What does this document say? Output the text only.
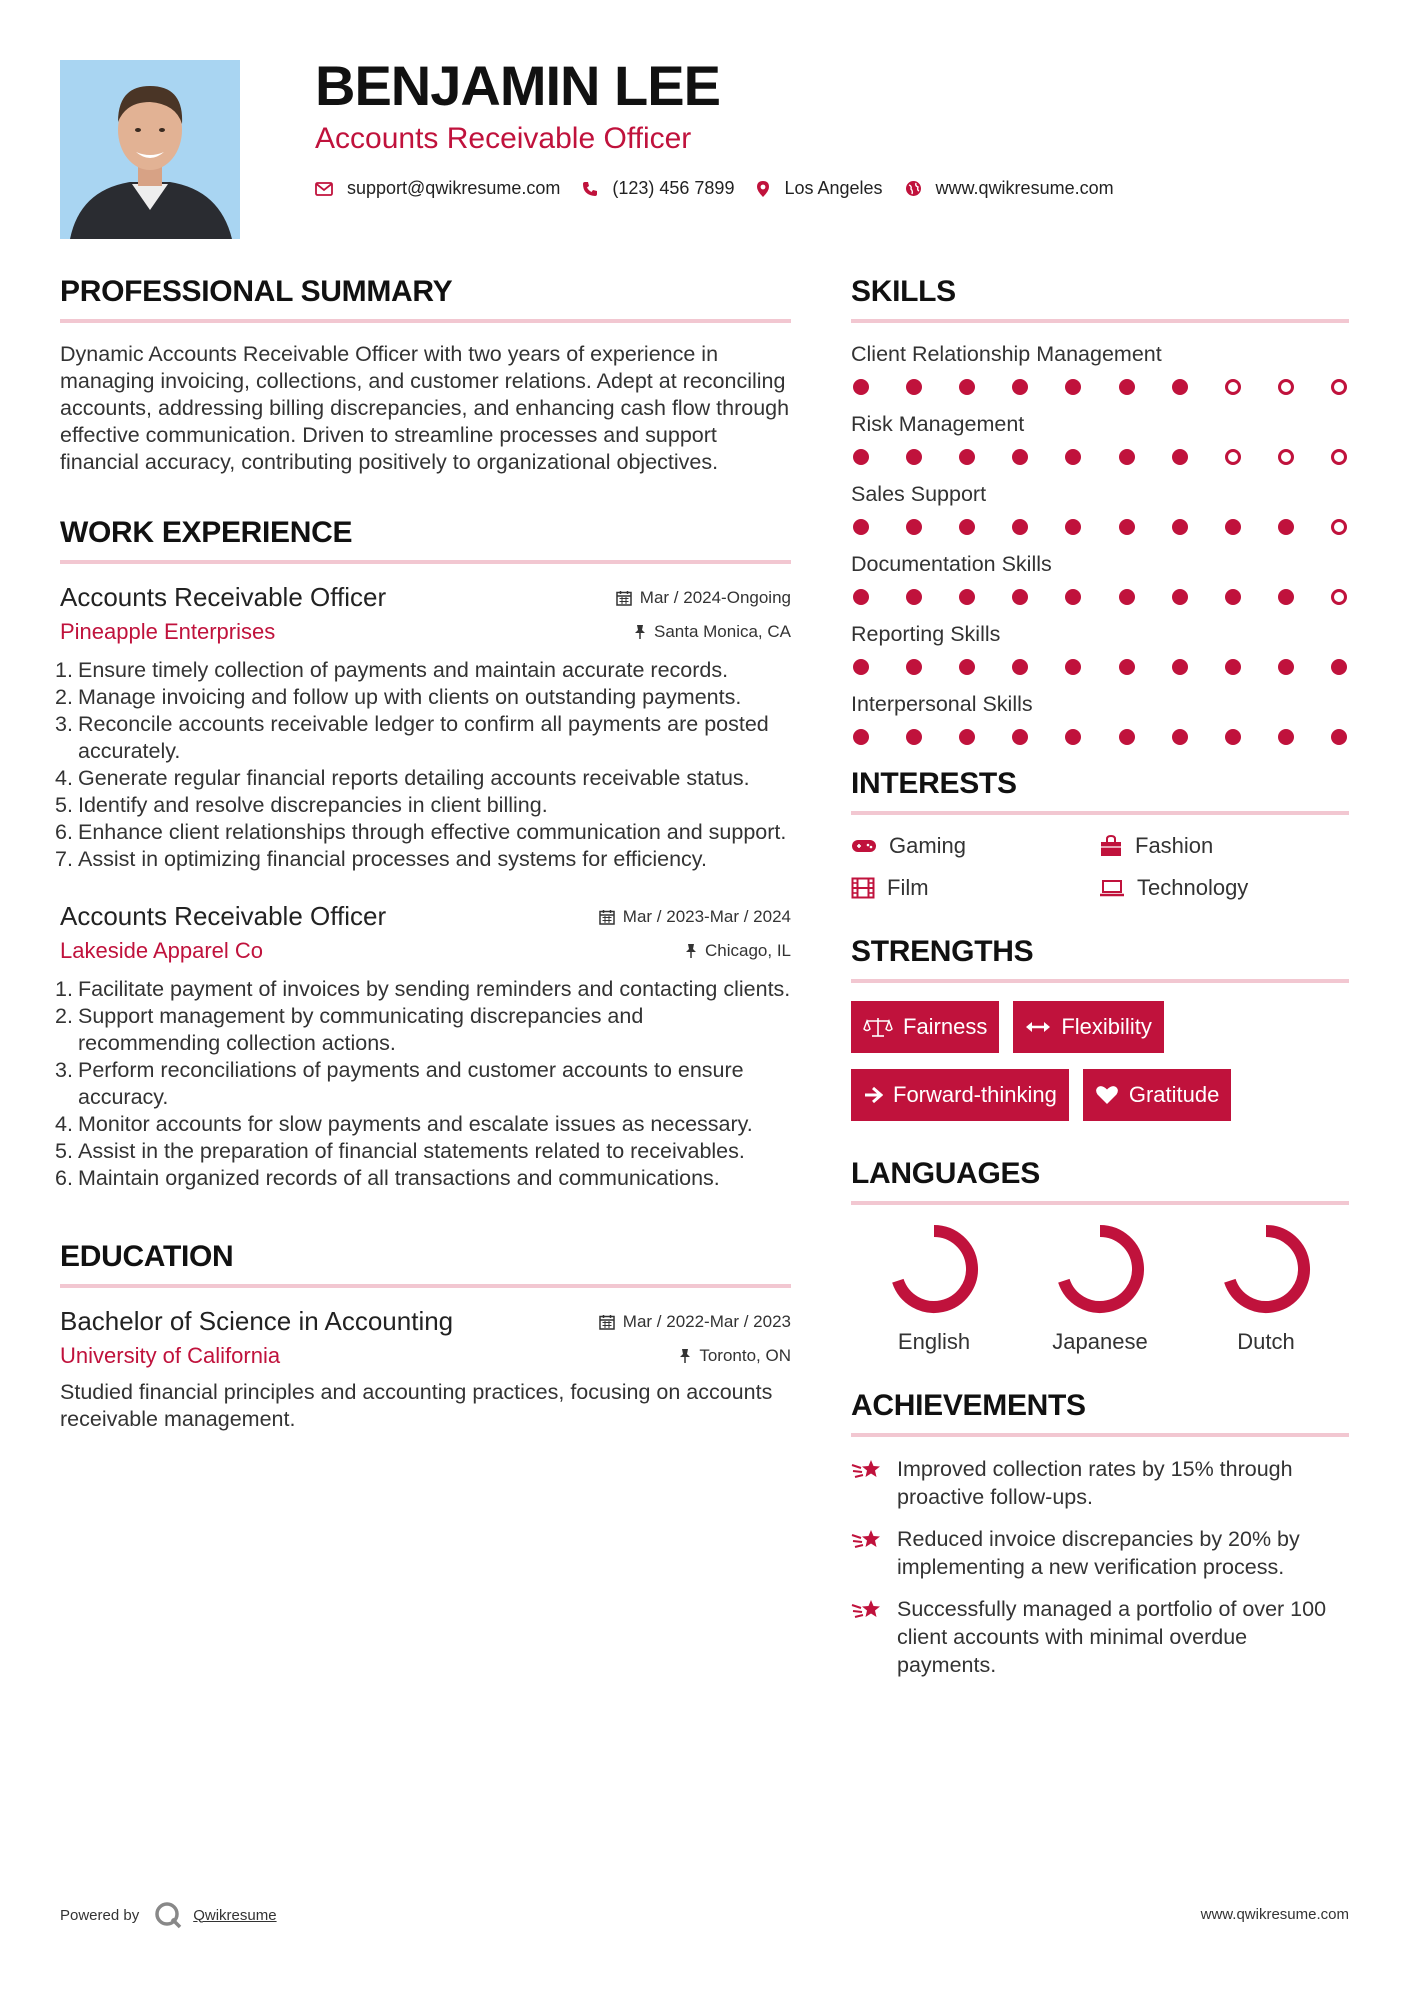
BENJAMIN LEE
Accounts Receivable Officer
support@qwikresume.com	(123) 456 7899	Los Angeles	www.qwikresume.com
PROFESSIONAL SUMMARY

Dynamic Accounts Receivable Officer with two years of experience in managing invoicing, collections, and customer relations. Adept at reconciling accounts, addressing billing discrepancies, and enhancing cash flow through effective communication. Driven to streamline processes and support financial accuracy, contributing positively to organizational objectives.

WORK EXPERIENCE
Accounts Receivable Officer	Mar / 2024-Ongoing
Pineapple Enterprises	Santa Monica, CA
1. Ensure timely collection of payments and maintain accurate records.
2. Manage invoicing and follow up with clients on outstanding payments.
3. Reconcile accounts receivable ledger to confirm all payments are posted accurately.
4. Generate regular financial reports detailing accounts receivable status.
5. Identify and resolve discrepancies in client billing.
6. Enhance client relationships through effective communication and support.
7. Assist in optimizing financial processes and systems for efficiency.
Accounts Receivable Officer	Mar / 2023-Mar / 2024
Lakeside Apparel Co	Chicago, IL
1. Facilitate payment of invoices by sending reminders and contacting clients.
2. Support management by communicating discrepancies and recommending collection actions.
3. Perform reconciliations of payments and customer accounts to ensure accuracy.
4. Monitor accounts for slow payments and escalate issues as necessary.
5. Assist in the preparation of financial statements related to receivables.
6. Maintain organized records of all transactions and communications.
EDUCATION
Bachelor of Science in Accounting	Mar / 2022-Mar / 2023
University of California	Toronto, ON

Studied financial principles and accounting practices, focusing on accounts receivable management.

SKILLS
Client Relationship Management
Risk Management
Sales Support
Documentation Skills
Reporting Skills
Interpersonal Skills
INTERESTS
Gaming	Fashion
Film	Technology
STRENGTHS
Fairness	Flexibility
Forward-thinking	Gratitude
LANGUAGES
English	Japanese	Dutch
ACHIEVEMENTS
Improved collection rates by 15% through proactive follow-ups.
Reduced invoice discrepancies by 20% by implementing a new verification process.
Successfully managed a portfolio of over 100 client accounts with minimal overdue payments.
Powered by	Qwikresume	www.qwikresume.com
